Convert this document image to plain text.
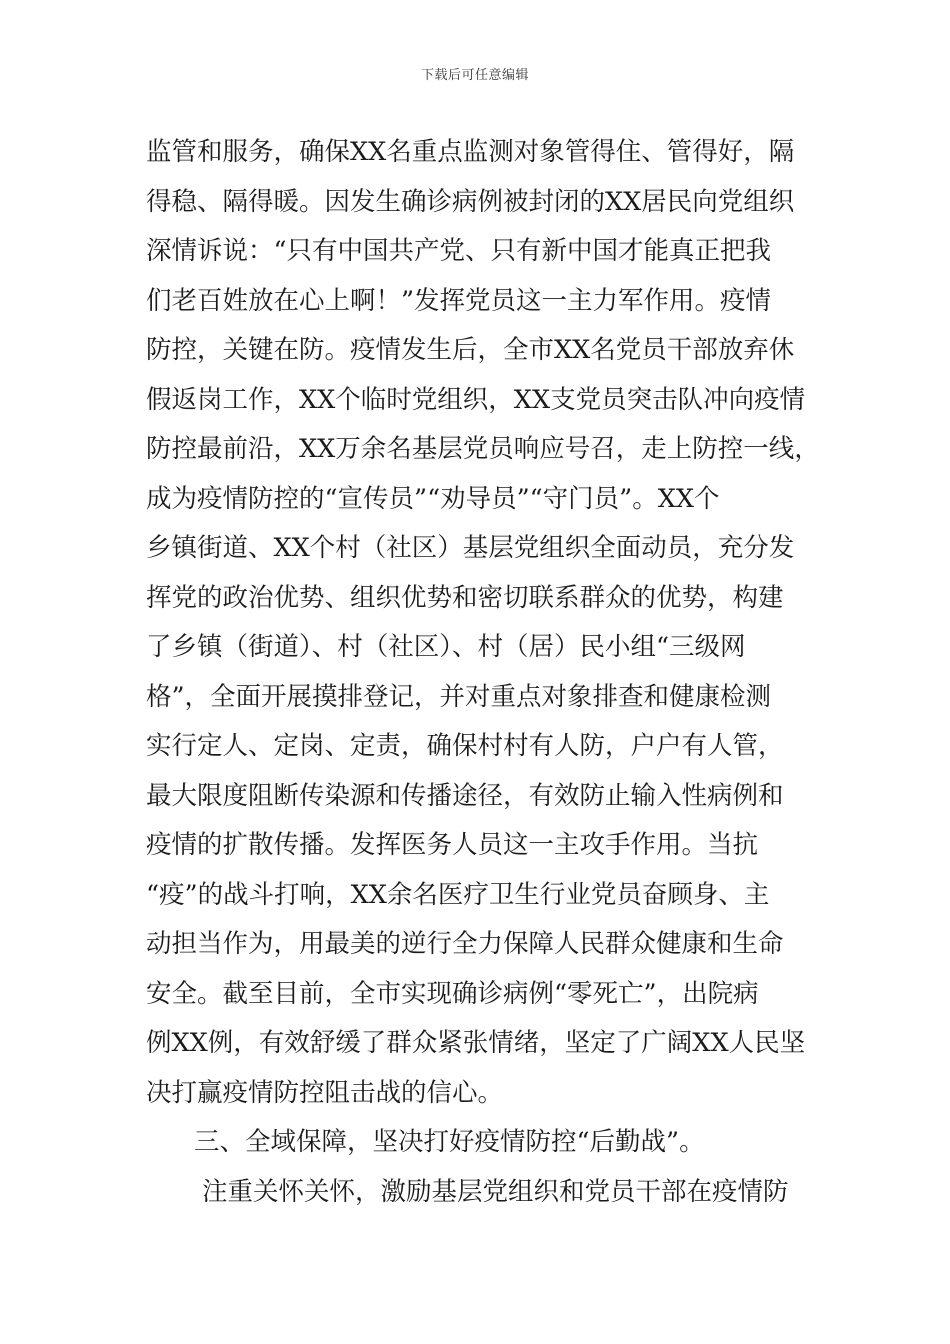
下载后可任意编辑
监管和服务，确保XX名重点监测对象管得住、管得好，隔
得稳、隔得暖。因发生确诊病例被封闭的XX居民向党组织
深情诉说：“只有中国共产党、只有新中国才能真正把我
们老百姓放在心上啊！”发挥党员这一主力军作用。疫情
防控，关键在防。疫情发生后，全市XX名党员干部放弃休
假返岗工作，XX个临时党组织，XX支党员突击队冲向疫情
防控最前沿，XX万余名基层党员响应号召，走上防控一线，
成为疫情防控的“宣传员”“劝导员”“守门员”。XX个
乡镇街道、XX个村（社区）基层党组织全面动员，充分发
挥党的政治优势、组织优势和密切联系群众的优势，构建
了乡镇（街道）、村（社区）、村（居）民小组“三级网
格”，全面开展摸排登记，并对重点对象排查和健康检测
实行定人、定岗、定责，确保村村有人防，户户有人管，
最大限度阻断传染源和传播途径，有效防止输入性病例和
疫情的扩散传播。发挥医务人员这一主攻手作用。当抗
“疫”的战斗打响，XX余名医疗卫生行业党员奋顾身、主
动担当作为，用最美的逆行全力保障人民群众健康和生命
安全。截至目前，全市实现确诊病例“零死亡”，出院病
例XX例，有效舒缓了群众紧张情绪，坚定了广阔XX人民坚
决打赢疫情防控阻击战的信心。
三、全域保障，坚决打好疫情防控“后勤战”。
注重关怀关怀，激励基层党组织和党员干部在疫情防
